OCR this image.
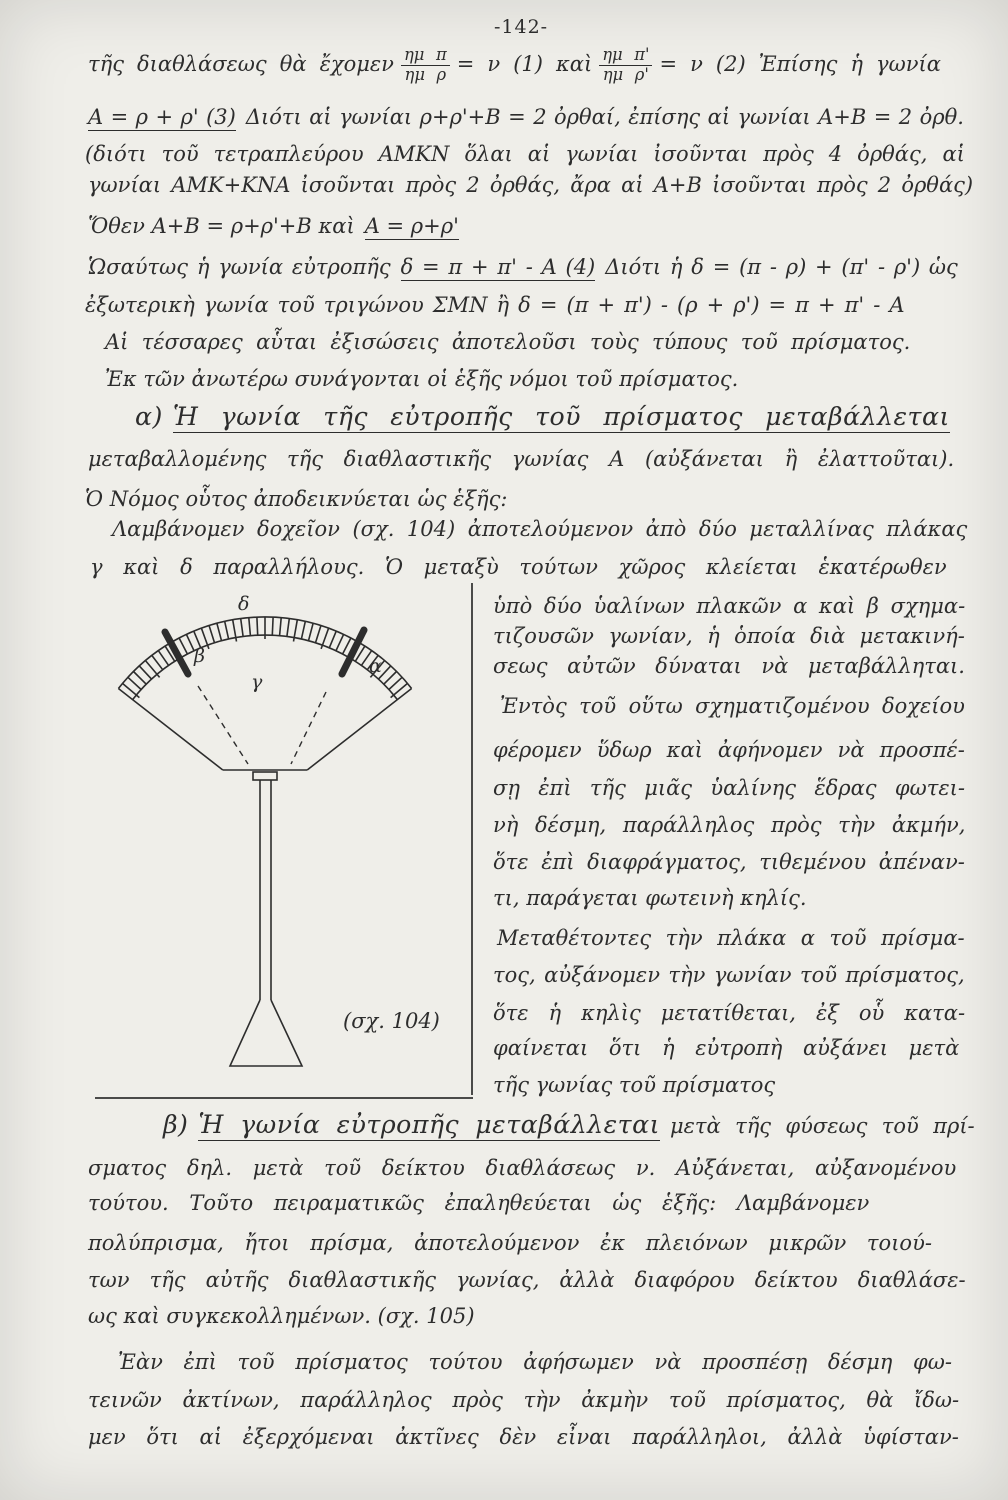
-142-
τῆς διαθλάσεως θὰ ἔχομεν $\frac{\text{ημ π}}{\text{ημ ρ}} = \nu$ (1) καὶ $\frac{\text{ημ π'}}{\text{ημ ρ'}} = \nu$ (2) Ἐπίσης ἡ γωνία
Α = ρ + ρ' (3) Διότι αἱ γωνίαι ρ+ρ'+Β = 2 ὀρθαί, ἐπίσης αἱ γωνίαι Α+Β = 2 ὀρθ.
(διότι τοῦ τετραπλεύρου ΑΜΚΝ ὅλαι αἱ γωνίαι ἰσοῦνται πρὸς 4 ὀρθάς, αἱ
γωνίαι ΑΜΚ+ΚΝΑ ἰσοῦνται πρὸς 2 ὀρθάς, ἄρα αἱ Α+Β ἰσοῦνται πρὸς 2 ὀρθάς)
Ὅθεν Α+Β = ρ+ρ'+Β καὶ Α = ρ+ρ'
Ὡσαύτως ἡ γωνία εὐτροπῆς δ = π + π' - Α (4) Διότι ἡ δ = (π - ρ) + (π' - ρ') ὡς
ἐξωτερικὴ γωνία τοῦ τριγώνου ΣΜΝ ἢ δ = (π + π') - (ρ + ρ') = π + π' - Α
Αἱ τέσσαρες αὗται ἐξισώσεις ἀποτελοῦσι τοὺς τύπους τοῦ πρίσματος.
Ἐκ τῶν ἀνωτέρω συνάγονται οἱ ἑξῆς νόμοι τοῦ πρίσματος.
α) Ἡ γωνία τῆς εὐτροπῆς τοῦ πρίσματος μεταβάλλεται
μεταβαλλομένης τῆς διαθλαστικῆς γωνίας Α (αὐξάνεται ἢ ἐλαττοῦται).
Ὁ Νόμος οὗτος ἀποδεικνύεται ὡς ἑξῆς:
Λαμβάνομεν δοχεῖον (σχ. 104) ἀποτελούμενον ἀπὸ δύο μεταλλίνας πλάκας
γ καὶ δ παραλλήλους. Ὁ μεταξὺ τούτων χῶρος κλείεται ἑκατέρωθεν
ὑπὸ δύο ὑαλίνων πλακῶν α καὶ β σχημα-
τιζουσῶν γωνίαν, ἡ ὁποία διὰ μετακινή-
σεως αὐτῶν δύναται νὰ μεταβάλληται.
Ἐντὸς τοῦ οὕτω σχηματιζομένου δοχείου
φέρομεν ὕδωρ καὶ ἀφήνομεν νὰ προσπέ-
σῃ ἐπὶ τῆς μιᾶς ὑαλίνης ἕδρας φωτει-
νὴ δέσμη, παράλληλος πρὸς τὴν ἀκμήν,
ὅτε ἐπὶ διαφράγματος, τιθεμένου ἀπέναν-
τι, παράγεται φωτεινὴ κηλίς.
Μεταθέτοντες τὴν πλάκα α τοῦ πρίσμα-
τος, αὐξάνομεν τὴν γωνίαν τοῦ πρίσματος,
ὅτε ἡ κηλὶς μετατίθεται, ἐξ οὗ κατα-
φαίνεται ὅτι ἡ εὐτροπὴ αὐξάνει μετὰ
τῆς γωνίας τοῦ πρίσματος
δ
β	α
γ
(σχ. 104)
β) Ἡ γωνία εὐτροπῆς μεταβάλλεται μετὰ τῆς φύσεως τοῦ πρί-
σματος δηλ. μετὰ τοῦ δείκτου διαθλάσεως ν. Αὐξάνεται, αὐξανομένου
τούτου. Τοῦτο πειραματικῶς ἐπαληθεύεται ὡς ἑξῆς: Λαμβάνομεν
πολύπρισμα, ἤτοι πρίσμα, ἀποτελούμενον ἐκ πλειόνων μικρῶν τοιού-
των τῆς αὐτῆς διαθλαστικῆς γωνίας, ἀλλὰ διαφόρου δείκτου διαθλάσε-
ως καὶ συγκεκολλημένων. (σχ. 105)
Ἐὰν ἐπὶ τοῦ πρίσματος τούτου ἀφήσωμεν νὰ προσπέσῃ δέσμη φω-
τεινῶν ἀκτίνων, παράλληλος πρὸς τὴν ἀκμὴν τοῦ πρίσματος, θὰ ἴδω-
μεν ὅτι αἱ ἐξερχόμεναι ἀκτῖνες δὲν εἶναι παράλληλοι, ἀλλὰ ὑφίσταν-
